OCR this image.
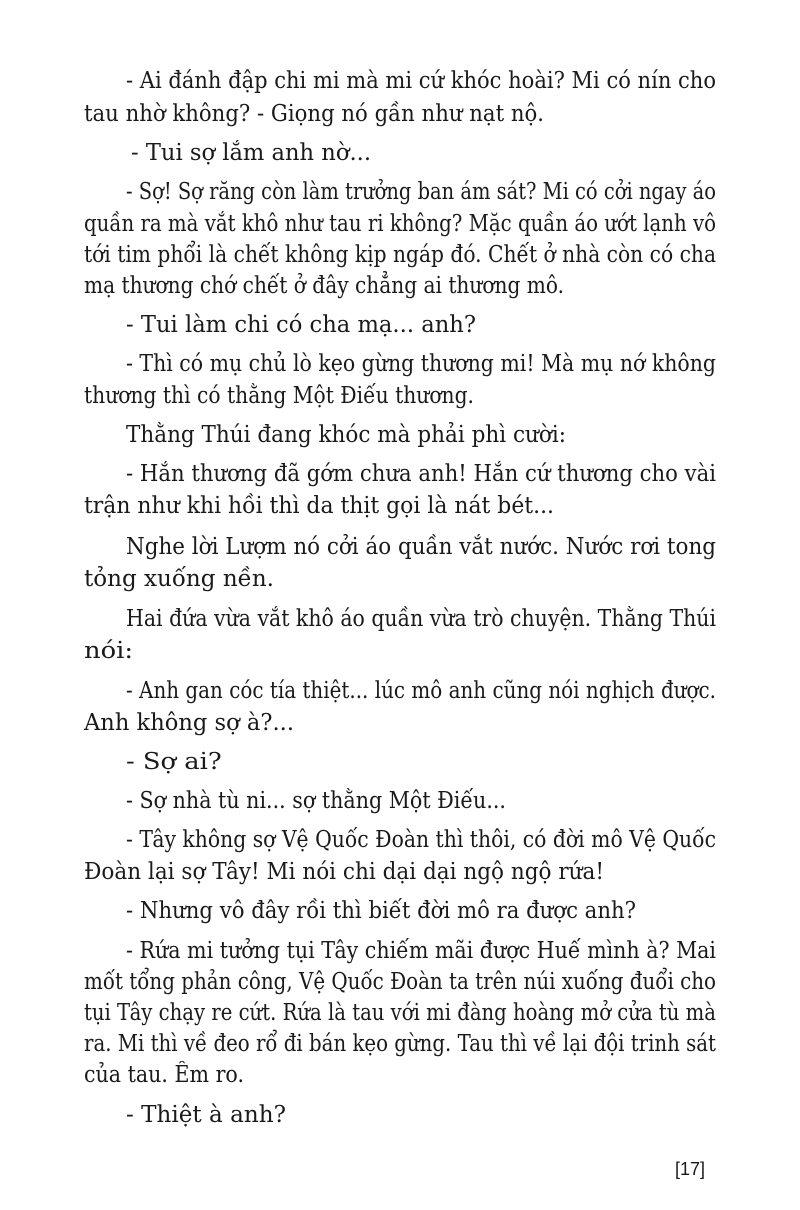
- Ai đánh đập chi mi mà mi cứ khóc hoài? Mi có nín cho
tau nhờ không? - Giọng nó gần như nạt nộ.
- Tui sợ lắm anh nờ...
- Sợ! Sợ răng còn làm trưởng ban ám sát? Mi có cởi ngay áo
quần ra mà vắt khô như tau ri không? Mặc quần áo ướt lạnh vô
tới tim phổi là chết không kịp ngáp đó. Chết ở nhà còn có cha
mạ thương chớ chết ở đây chẳng ai thương mô.
- Tui làm chi có cha mạ... anh?
- Thì có mụ chủ lò kẹo gừng thương mi! Mà mụ nớ không
thương thì có thằng Một Điếu thương.
Thằng Thúi đang khóc mà phải phì cười:
- Hắn thương đã gớm chưa anh! Hắn cứ thương cho vài
trận như khi hồi thì da thịt gọi là nát bét...
Nghe lời Lượm nó cởi áo quần vắt nước. Nước rơi tong
tỏng xuống nền.
Hai đứa vừa vắt khô áo quần vừa trò chuyện. Thằng Thúi
nói:
- Anh gan cóc tía thiệt... lúc mô anh cũng nói nghịch được.
Anh không sợ à?...
- Sợ ai?
- Sợ nhà tù ni... sợ thằng Một Điếu...
- Tây không sợ Vệ Quốc Đoàn thì thôi, có đời mô Vệ Quốc
Đoàn lại sợ Tây! Mi nói chi dại dại ngộ ngộ rứa!
- Nhưng vô đây rồi thì biết đời mô ra được anh?
- Rứa mi tưởng tụi Tây chiếm mãi được Huế mình à? Mai
mốt tổng phản công, Vệ Quốc Đoàn ta trên núi xuống đuổi cho
tụi Tây chạy re cứt. Rứa là tau với mi đàng hoàng mở cửa tù mà
ra. Mi thì về đeo rổ đi bán kẹo gừng. Tau thì về lại đội trinh sát
của tau. Êm ro.
- Thiệt à anh?
[17]
